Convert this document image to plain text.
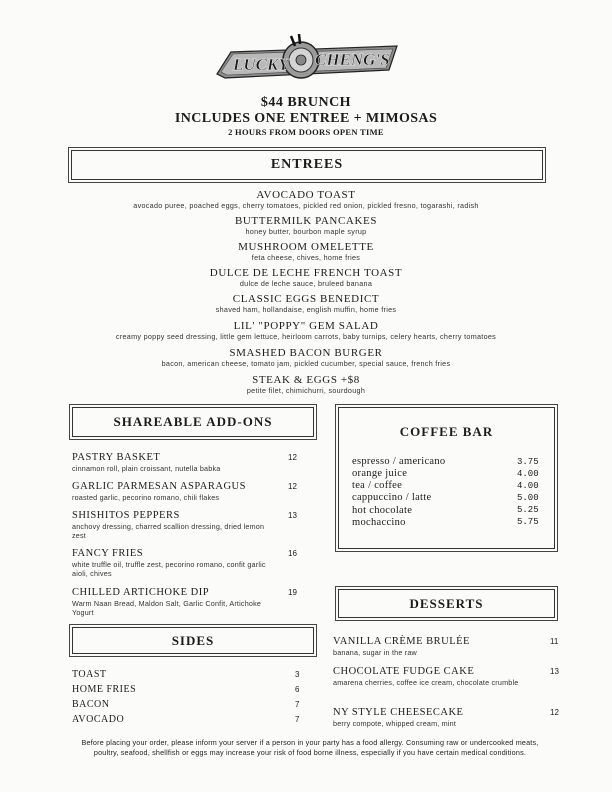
LUCKY CHENG'S
$44 BRUNCH
INCLUDES ONE ENTREE + MIMOSAS
2 HOURS FROM DOORS OPEN TIME
ENTREES
AVOCADO TOAST
avocado puree, poached eggs, cherry tomatoes, pickled red onion, pickled fresno, togarashi, radish
BUTTERMILK PANCAKES
honey butter, bourbon maple syrup
MUSHROOM OMELETTE
feta cheese, chives, home fries
DULCE DE LECHE FRENCH TOAST
dulce de leche sauce, bruleed banana
CLASSIC EGGS BENEDICT
shaved ham, hollandaise, english muffin, home fries
LIL' "POPPY" GEM SALAD
creamy poppy seed dressing, little gem lettuce, heirloom carrots, baby turnips, celery hearts, cherry tomatoes
SMASHED BACON BURGER
bacon, american cheese, tomato jam, pickled cucumber, special sauce, french fries
STEAK & EGGS +$8
petite filet, chimichurri, sourdough
SHAREABLE ADD-ONS
PASTRY BASKET	12
cinnamon roll, plain croissant, nutella babka
GARLIC PARMESAN ASPARAGUS	12
roasted garlic, pecorino romano, chili flakes
SHISHITOS PEPPERS	13
anchovy dressing, charred scallion dressing, dried lemon zest
FANCY FRIES	16
white truffle oil, truffle zest, pecorino romano, confit garlic aioli, chives
CHILLED ARTICHOKE DIP	19
Warm Naan Bread, Maldon Salt, Garlic Confit, Artichoke Yogurt
COFFEE BAR
espresso / americano	3.75
orange juice	4.00
tea / coffee	4.00
cappuccino / latte	5.00
hot chocolate	5.25
mochaccino	5.75
DESSERTS
SIDES
TOAST	3
HOME FRIES	6
BACON	7
AVOCADO	7
VANILLA CRÈME BRULÉE	11
banana, sugar in the raw
CHOCOLATE FUDGE CAKE	13
amarena cherries, coffee ice cream, chocolate crumble
NY STYLE CHEESECAKE	12
berry compote, whipped cream, mint
Before placing your order, please inform your server if a person in your party has a food allergy. Consuming raw or undercooked meats, poultry, seafood, shellfish or eggs may increase your risk of food borne illness, especially if you have certain medical conditions.
